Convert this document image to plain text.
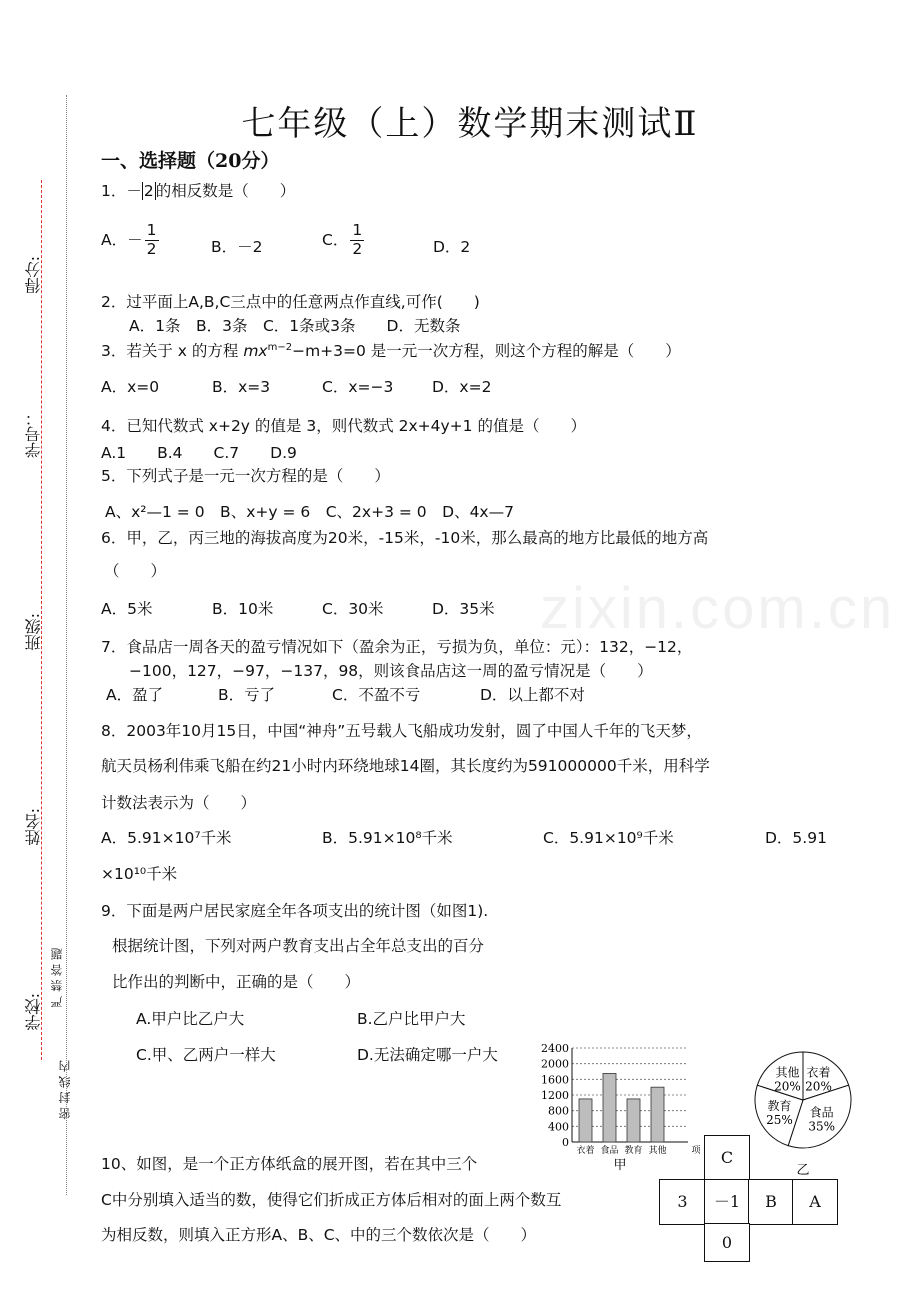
得分:
学号：
班级:
姓名:
学校:
严 禁 答 题
密 封 线 内
zixin.com.cn
七年级（上）数学期末测试Ⅱ
一、选择题（20分）
1．－ 2 的相反数是（　　）
A．－ $\frac{1}{2}$	B．－2	C． $\frac{1}{2}$	D．2
2．过平面上A,B,C三点中的任意两点作直线,可作(　　)
A．1条　B．3条　C．1条或3条　　D．无数条
3．若关于 x 的方程 $mx^{m-2}-m+3=0$ 是一元一次方程，则这个方程的解是（　　）
A．x=0	B．x=3	C．x=−3 D．x=2
4．已知代数式 x+2y 的值是 3，则代数式 2x+4y+1 的值是（　　）
A.1　　B.4　　C.7　　D.9
5．下列式子是一元一次方程的是（　　）
A、x²—1 = 0　B、x+y = 6　C、2x+3 = 0　D、4x—7
6．甲，乙，丙三地的海拔高度为20米，-15米，-10米，那么最高的地方比最低的地方高
（　　）
A．5米	B．10米	C．30米	D．35米
7．食品店一周各天的盈亏情况如下（盈余为正，亏损为负，单位：元）：132，−12，
−100，127，−97，−137，98，则该食品店这一周的盈亏情况是（　　）
A．盈了	B．亏了	C．不盈不亏	D．以上都不对
8．2003年10月15日，中国“神舟”五号载人飞船成功发射，圆了中国人千年的飞天梦，
航天员杨利伟乘飞船在约21小时内环绕地球14圈，其长度约为591000000千米，用科学
计数法表示为（　　）
A．5.91×10⁷千米	B．5.91×10⁸千米	C．5.91×10⁹千米	D．5.91
×10¹⁰千米
9．下面是两户居民家庭全年各项支出的统计图（如图1).
根据统计图，下列对两户教育支出占全年总支出的百分
比作出的判断中，正确的是（　　）
A.甲户比乙户大	B.乙户比甲户大
C.甲、乙两户一样大	D.无法确定哪一户大
0
400
800
1200
1600
2000
2400
衣着 食品 教育 其他	项
甲
衣着
20%
食品
35%
教育
25%
其他
20%
乙
10、如图，是一个正方体纸盒的展开图，若在其中三个
C中分别填入适当的数，使得它们折成正方体后相对的面上两个数互
为相反数，则填入正方形A、B、C、中的三个数依次是（　　）
C
3	－1	B	A
0
